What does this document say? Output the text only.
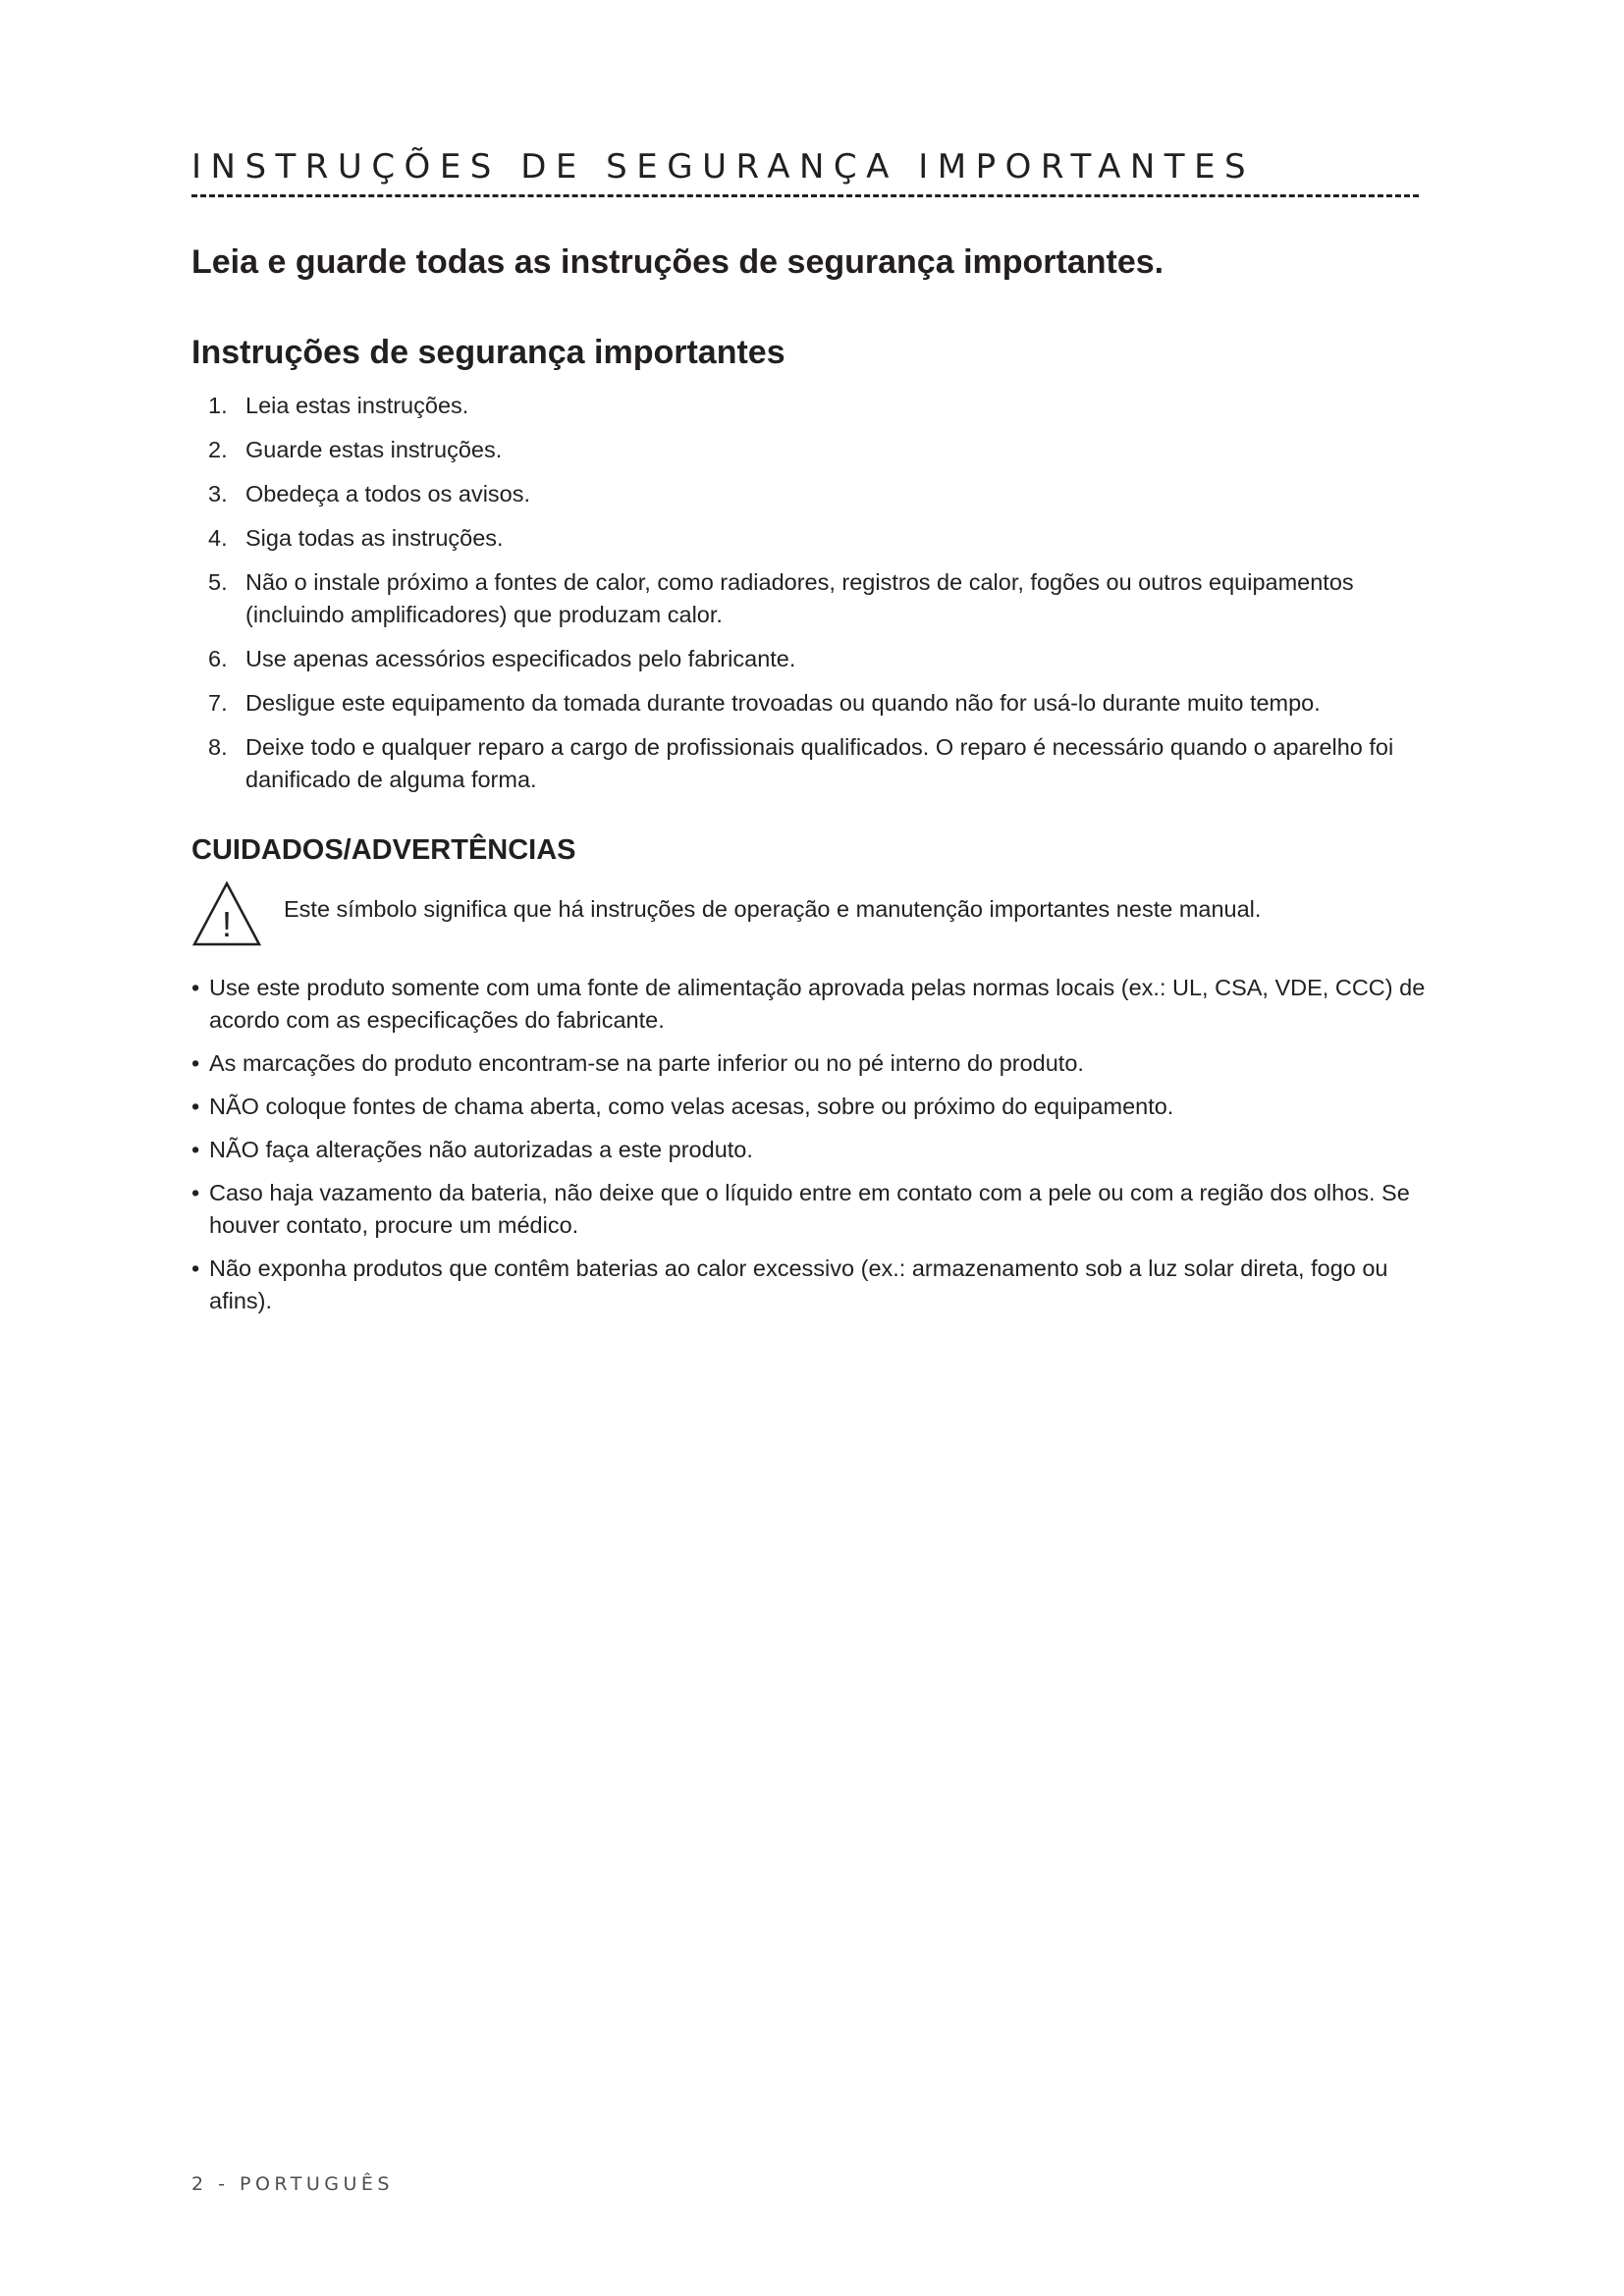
INSTRUÇÕES DE SEGURANÇA IMPORTANTES
Leia e guarde todas as instruções de segurança importantes.
Instruções de segurança importantes
1. Leia estas instruções.
2. Guarde estas instruções.
3. Obedeça a todos os avisos.
4. Siga todas as instruções.
5. Não o instale próximo a fontes de calor, como radiadores, registros de calor, fogões ou outros equipamentos (incluindo amplificadores) que produzam calor.
6. Use apenas acessórios especificados pelo fabricante.
7. Desligue este equipamento da tomada durante trovoadas ou quando não for usá-lo durante muito tempo.
8. Deixe todo e qualquer reparo a cargo de profissionais qualificados. O reparo é necessário quando o aparelho foi danificado de alguma forma.
CUIDADOS/ADVERTÊNCIAS
! Este símbolo significa que há instruções de operação e manutenção importantes neste manual.
• Use este produto somente com uma fonte de alimentação aprovada pelas normas locais (ex.: UL, CSA, VDE, CCC) de acordo com as especificações do fabricante.
• As marcações do produto encontram-se na parte inferior ou no pé interno do produto.
• NÃO coloque fontes de chama aberta, como velas acesas, sobre ou próximo do equipamento.
• NÃO faça alterações não autorizadas a este produto.
• Caso haja vazamento da bateria, não deixe que o líquido entre em contato com a pele ou com a região dos olhos. Se houver contato, procure um médico.
• Não exponha produtos que contêm baterias ao calor excessivo (ex.: armazenamento sob a luz solar direta, fogo ou afins).
2 - PORTUGUÊS
